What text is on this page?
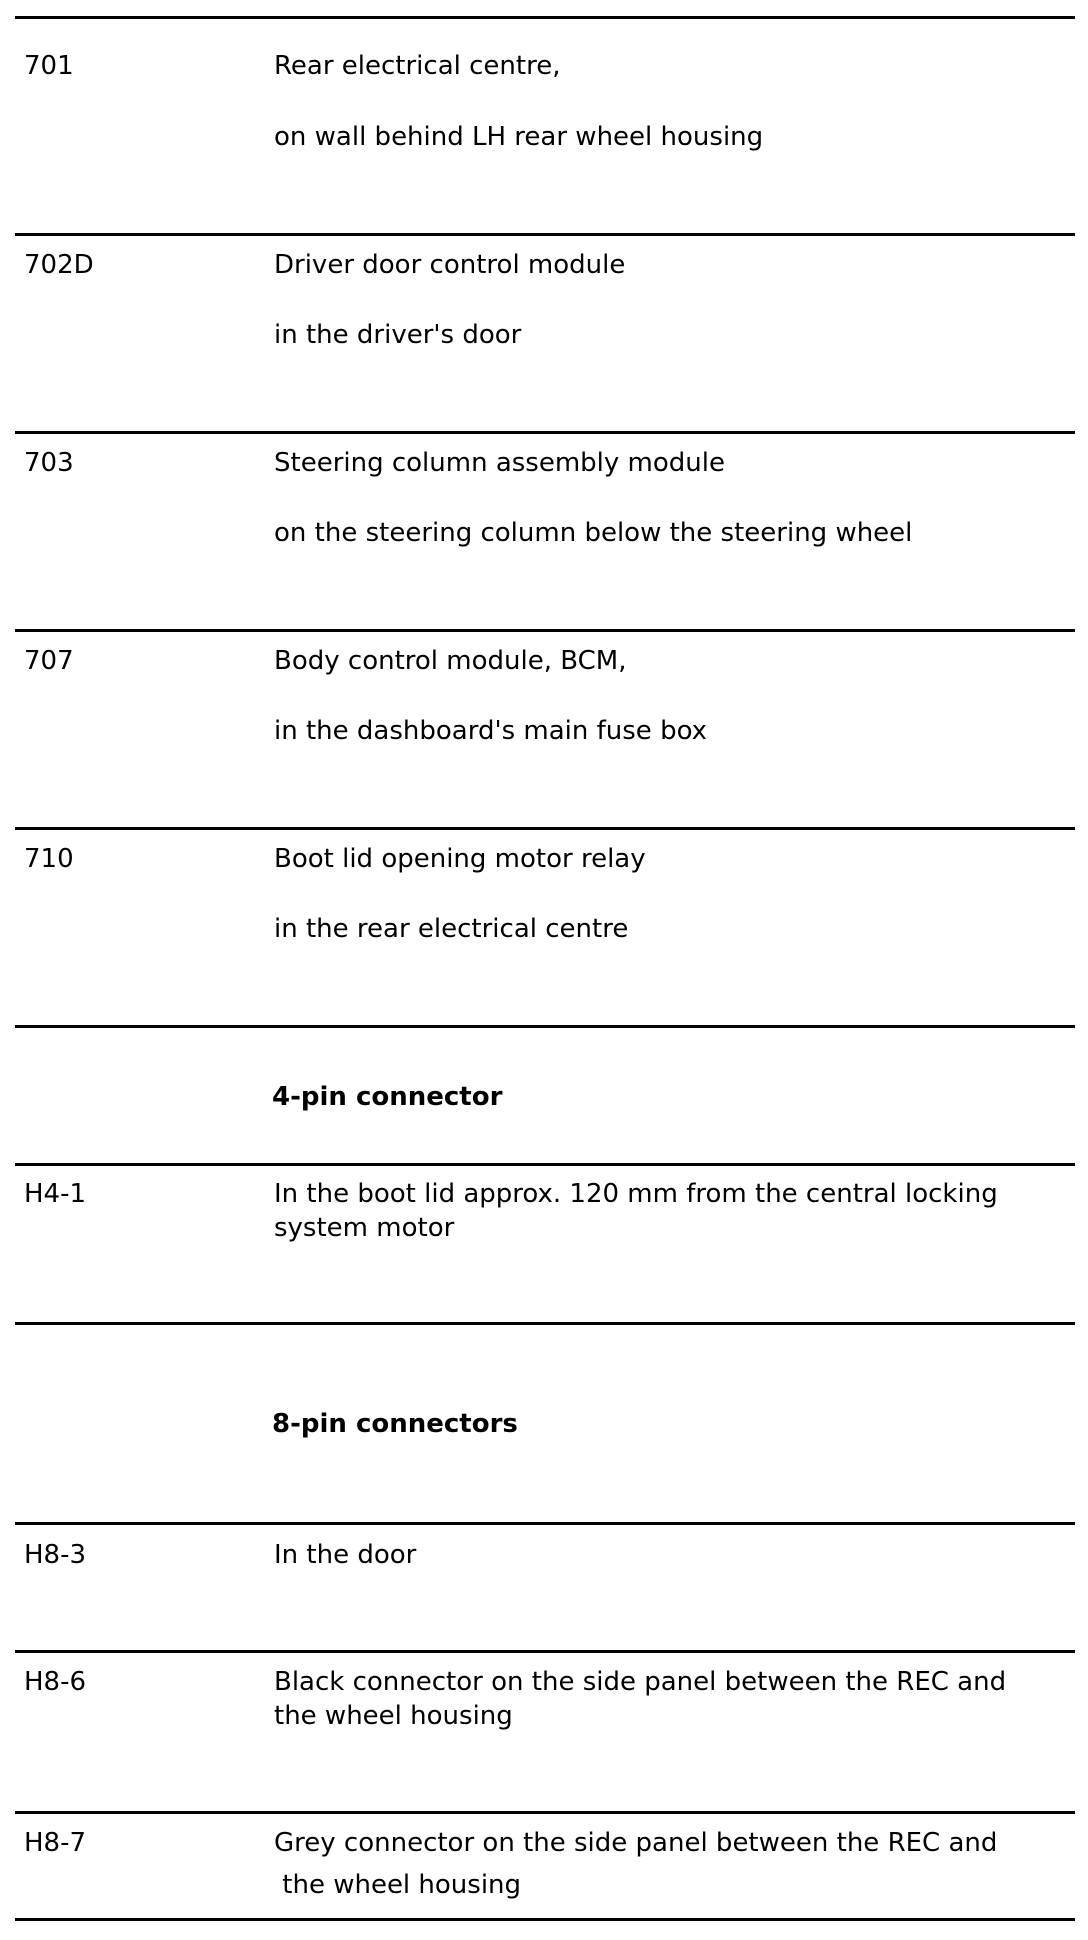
701	Rear electrical centre,
on wall behind LH rear wheel housing
702D	Driver door control module
in the driver's door
703	Steering column assembly module
on the steering column below the steering wheel
707	Body control module, BCM,
in the dashboard's main fuse box
710	Boot lid opening motor relay
in the rear electrical centre
4-pin connector
H4-1	In the boot lid approx. 120 mm from the central locking
system motor
8-pin connectors
H8-3	In the door
H8-6	Black connector on the side panel between the REC and
the wheel housing
H8-7	Grey connector on the side panel between the REC and
the wheel housing
